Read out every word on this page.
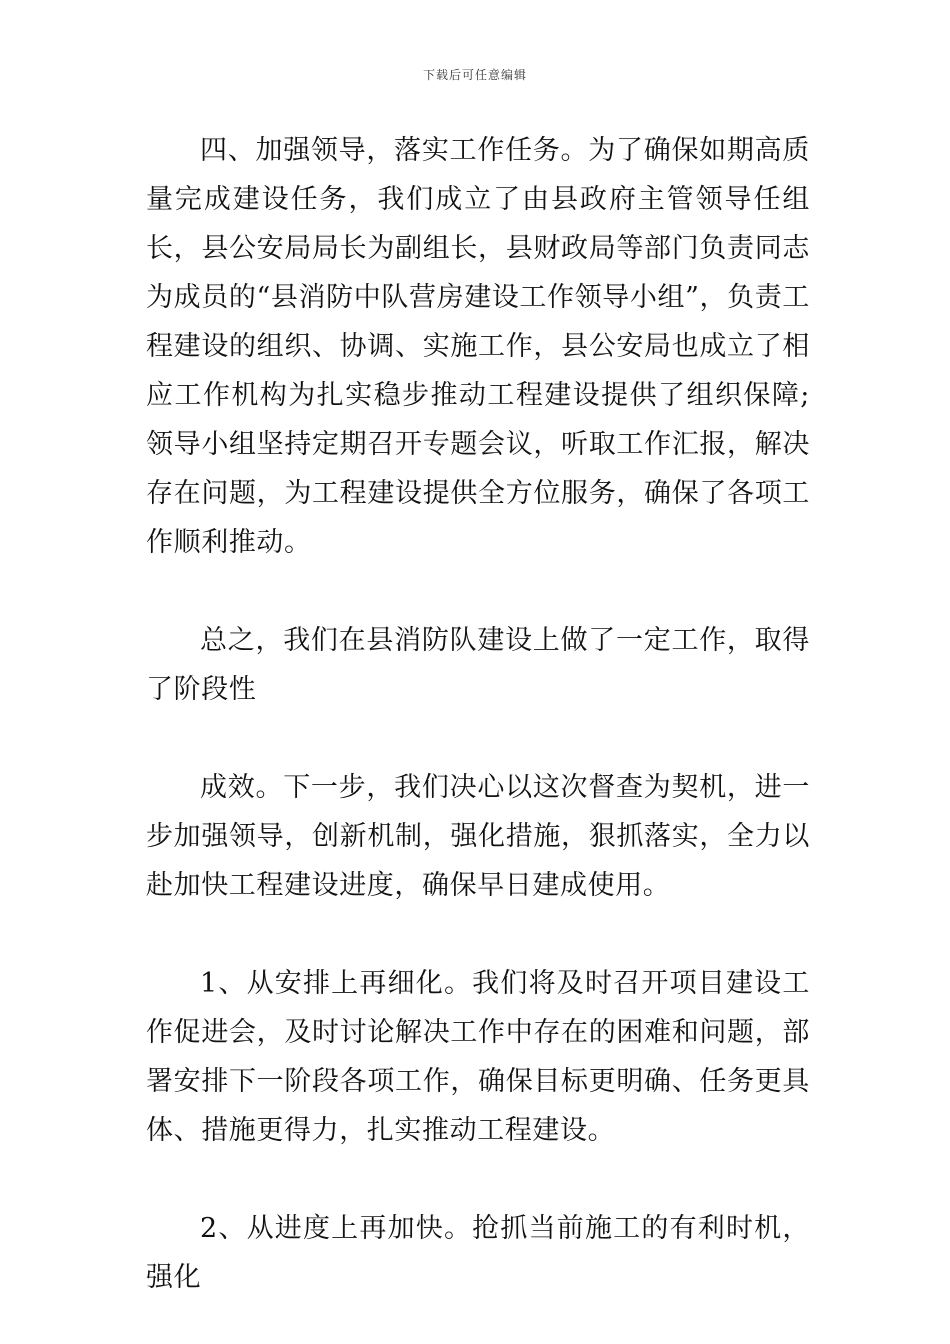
下载后可任意编辑

四、加强领导，落实工作任务。为了确保如期高质量完成建设任务，我们成立了由县政府主管领导任组长，县公安局局长为副组长，县财政局等部门负责同志为成员的“县消防中队营房建设工作领导小组”，负责工程建设的组织、协调、实施工作，县公安局也成立了相应工作机构为扎实稳步推动工程建设提供了组织保障;领导小组坚持定期召开专题会议，听取工作汇报，解决存在问题，为工程建设提供全方位服务，确保了各项工作顺利推动。

总之，我们在县消防队建设上做了一定工作，取得了阶段性

成效。下一步，我们决心以这次督查为契机，进一步加强领导，创新机制，强化措施，狠抓落实，全力以赴加快工程建设进度，确保早日建成使用。

1、从安排上再细化。我们将及时召开项目建设工作促进会，及时讨论解决工作中存在的困难和问题，部署安排下一阶段各项工作，确保目标更明确、任务更具体、措施更得力，扎实推动工程建设。

2、从进度上再加快。抢抓当前施工的有利时机，强化
